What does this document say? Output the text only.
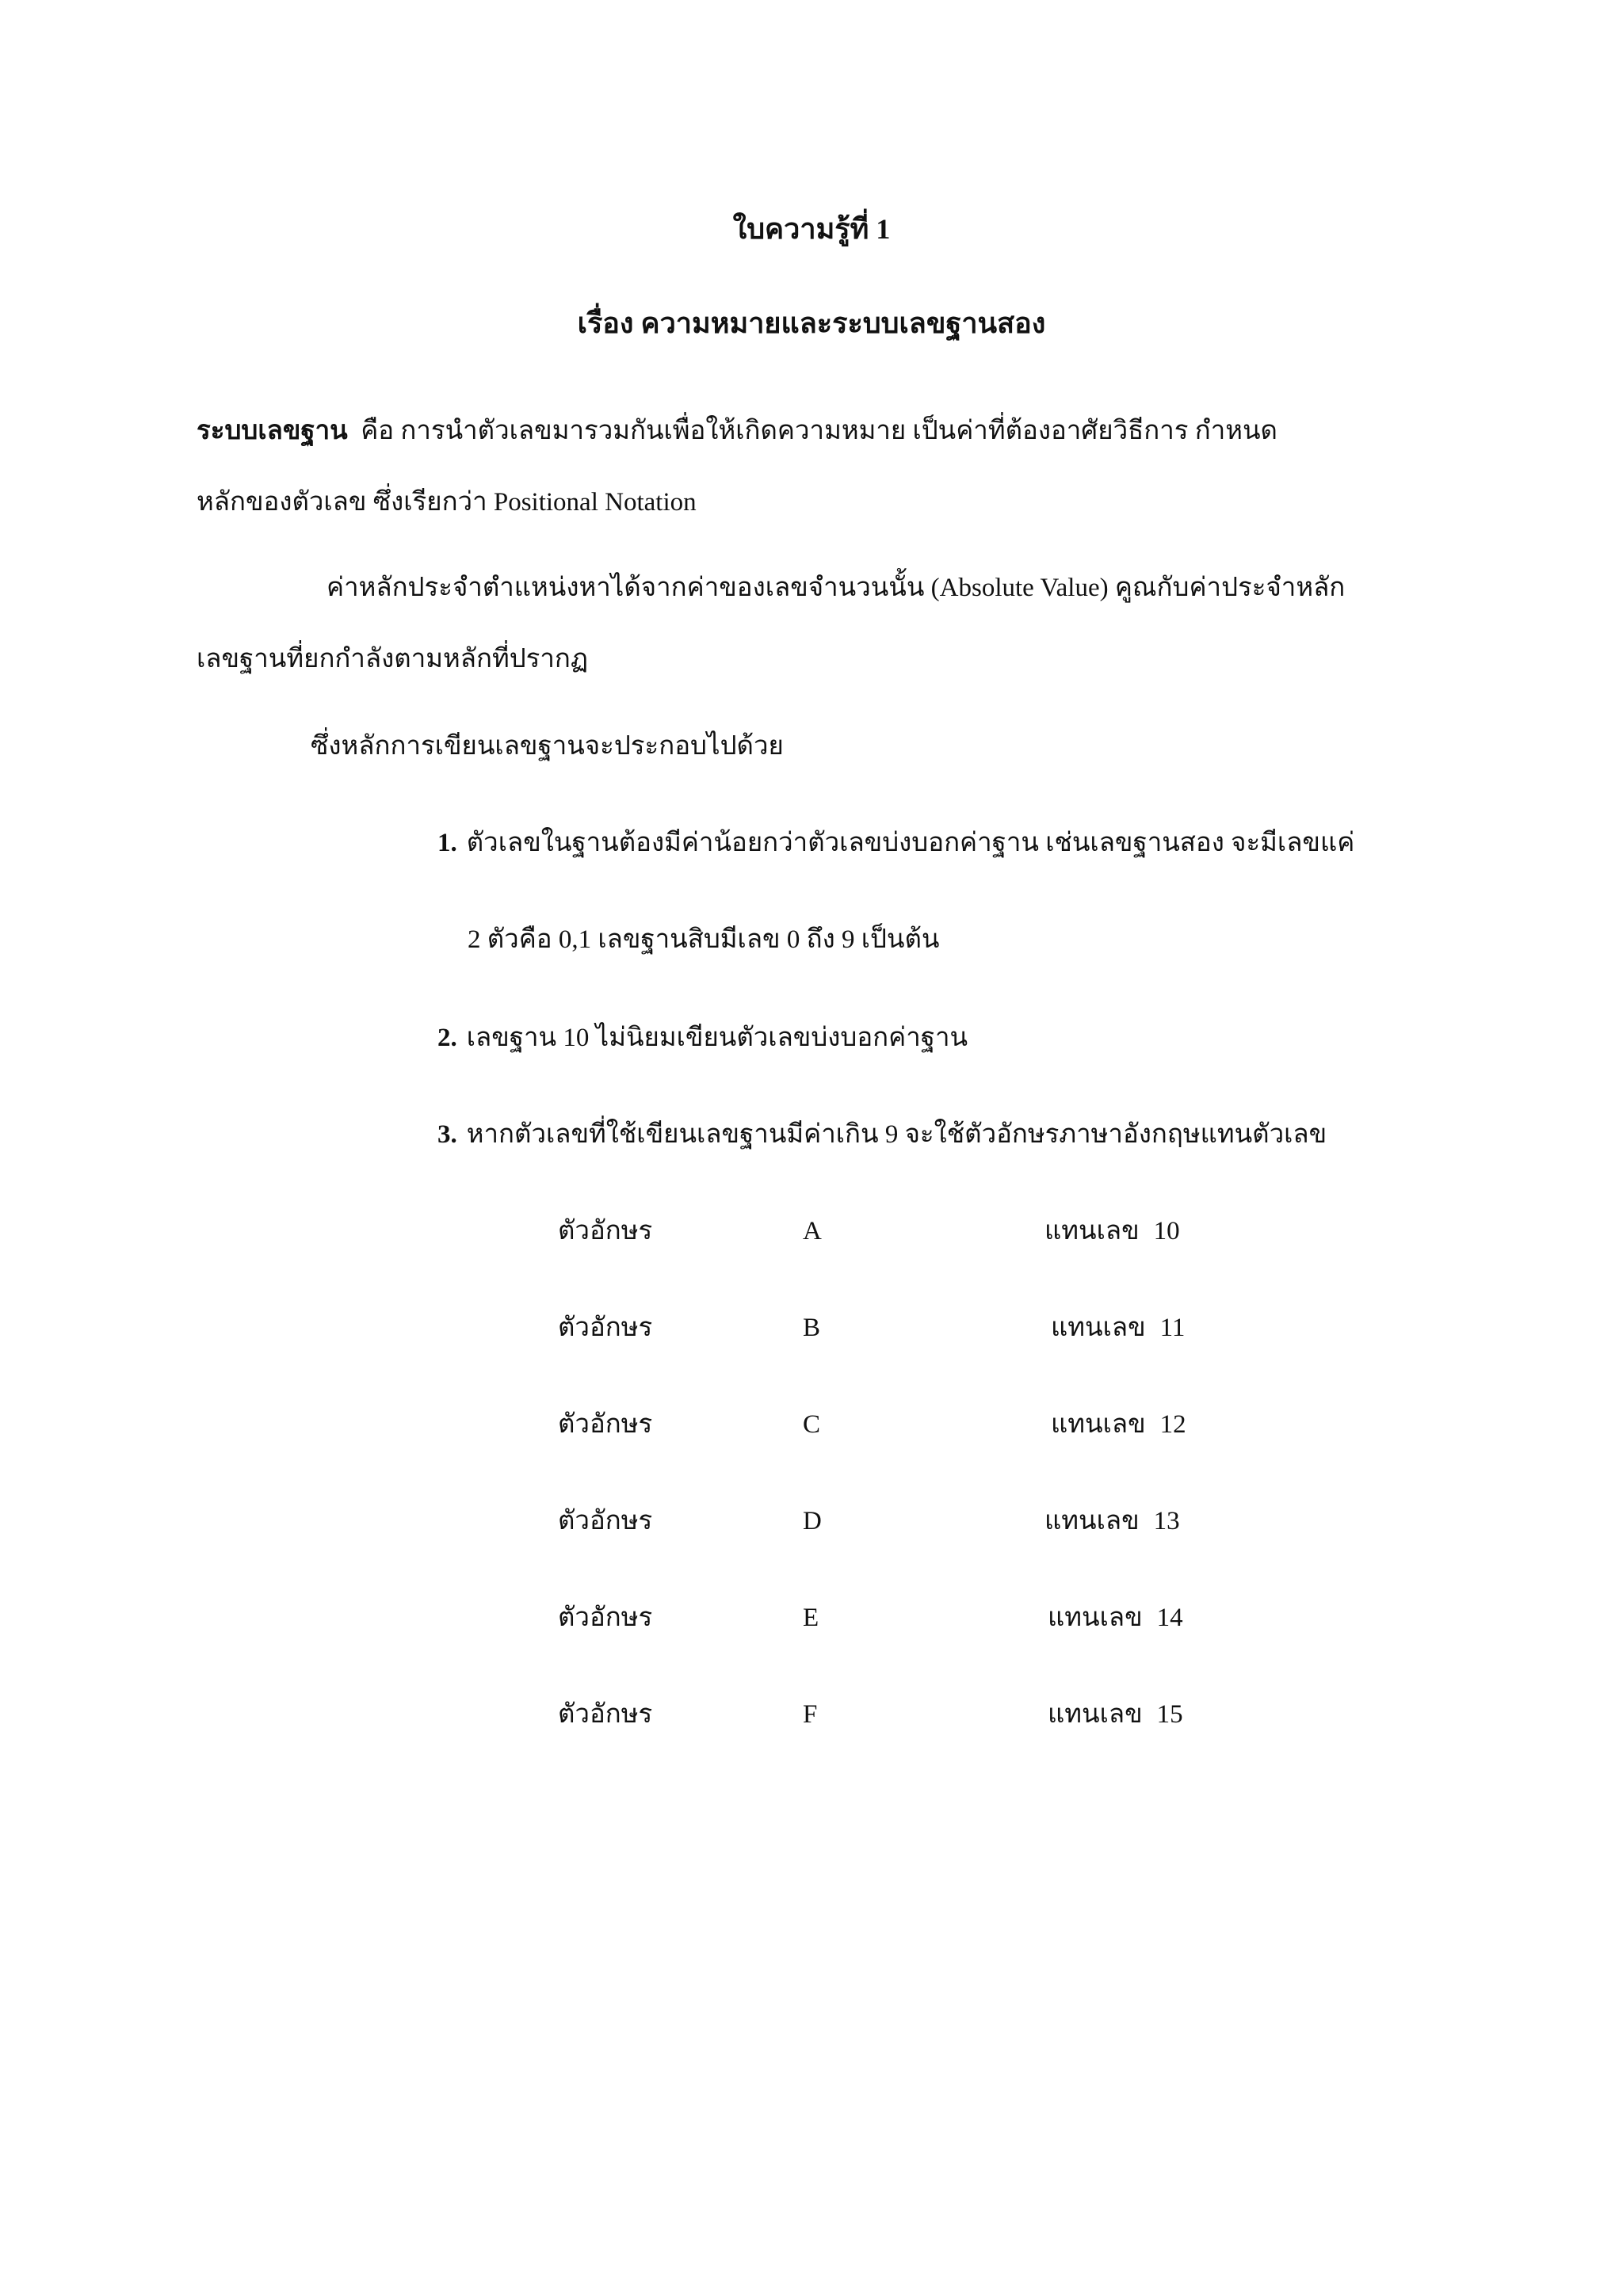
ใบความรู้ที่ 1
เรื่อง ความหมายและระบบเลขฐานสอง
ระบบเลขฐาน คือ การนำตัวเลขมารวมกันเพื่อให้เกิดความหมาย เป็นค่าที่ต้องอาศัยวิธีการ กำหนด
หลักของตัวเลข ซึ่งเรียกว่า Positional Notation
ค่าหลักประจำตำแหน่งหาได้จากค่าของเลขจำนวนนั้น (Absolute Value) คูณกับค่าประจำหลัก
เลขฐานที่ยกกำลังตามหลักที่ปรากฏ
ซึ่งหลักการเขียนเลขฐานจะประกอบไปด้วย
1. ตัวเลขในฐานต้องมีค่าน้อยกว่าตัวเลขบ่งบอกค่าฐาน เช่นเลขฐานสอง จะมีเลขแค่
2 ตัวคือ 0,1 เลขฐานสิบมีเลข 0 ถึง 9 เป็นต้น
2. เลขฐาน 10 ไม่นิยมเขียนตัวเลขบ่งบอกค่าฐาน
3. หากตัวเลขที่ใช้เขียนเลขฐานมีค่าเกิน 9 จะใช้ตัวอักษรภาษาอังกฤษแทนตัวเลข
ตัวอักษร	A	แทนเลข 10
ตัวอักษร	B	แทนเลข 11
ตัวอักษร	C	แทนเลข 12
ตัวอักษร	D	แทนเลข 13
ตัวอักษร	E	แทนเลข 14
ตัวอักษร	F	แทนเลข 15
